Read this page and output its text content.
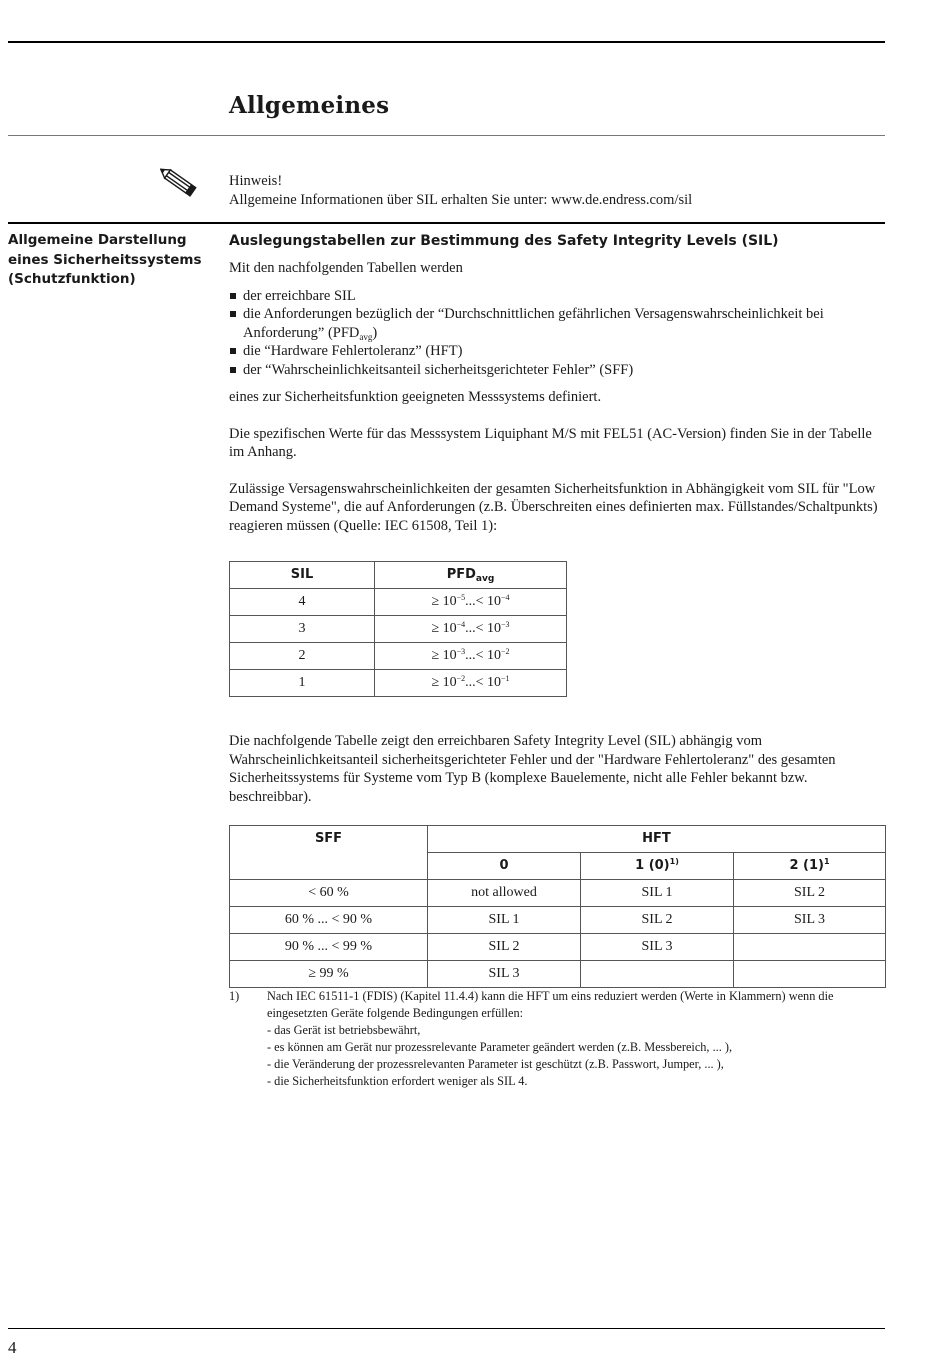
Allgemeines
Hinweis!
Allgemeine Informationen über SIL erhalten Sie unter: www.de.endress.com/sil
Allgemeine Darstellung
eines Sicherheitssystems
(Schutzfunktion)
Auslegungstabellen zur Bestimmung des Safety Integrity Levels (SIL)

Mit den nachfolgenden Tabellen werden

der erreichbare SIL
die Anforderungen bezüglich der “Durchschnittlichen gefährlichen Versagenswahrscheinlichkeit bei Anforderung” $(PFD_{avg})$
die “Hardware Fehlertoleranz” (HFT)
der “Wahrscheinlichkeitsanteil sicherheitsgerichteter Fehler” (SFF)

eines zur Sicherheitsfunktion geeigneten Messsystems definiert.

Die spezifischen Werte für das Messsystem Liquiphant M/S mit FEL51 (AC-Version) finden Sie in der Tabelle im Anhang.

Zulässige Versagenswahrscheinlichkeiten der gesamten Sicherheitsfunktion in Abhängigkeit vom SIL für "Low Demand Systeme", die auf Anforderungen (z.B. Überschreiten eines definierten max. Füllstandes/Schaltpunkts) reagieren müssen (Quelle: IEC 61508, Teil 1):

SIL	$PFD_{avg}$
4	≥ $10^{-5}...< 10^{-4}$
3	≥ $10^{-4}...< 10^{-3}$
2	≥ $10^{-3}...< 10^{-2}$
1	≥ $10^{-2}...< 10^{-1}$

Die nachfolgende Tabelle zeigt den erreichbaren Safety Integrity Level (SIL) abhängig vom Wahrscheinlichkeitsanteil sicherheitsgerichteter Fehler und der "Hardware Fehlertoleranz" des gesamten Sicherheitssystems für Systeme vom Typ B (komplexe Bauelemente, nicht alle Fehler bekannt bzw. beschreibbar).

SFF	HFT		
	0	1 $(0)^{1)}$	2 $(1)^1$
< 60 %	not allowed	SIL 1	SIL 2
60 % ... < 90 %	SIL 1	SIL 2	SIL 3
90 % ... < 99 %	SIL 2	SIL 3	
≥ 99 %	SIL 3		
1) Nach IEC 61511-1 (FDIS) (Kapitel 11.4.4) kann die HFT um eins reduziert werden (Werte in Klammern) wenn die eingesetzten Geräte folgende Bedingungen erfüllen:
- das Gerät ist betriebsbewährt,
- es können am Gerät nur prozessrelevante Parameter geändert werden (z.B. Messbereich, ... ),
- die Veränderung der prozessrelevanten Parameter ist geschützt (z.B. Passwort, Jumper, ... ),
- die Sicherheitsfunktion erfordert weniger als SIL 4.
4
